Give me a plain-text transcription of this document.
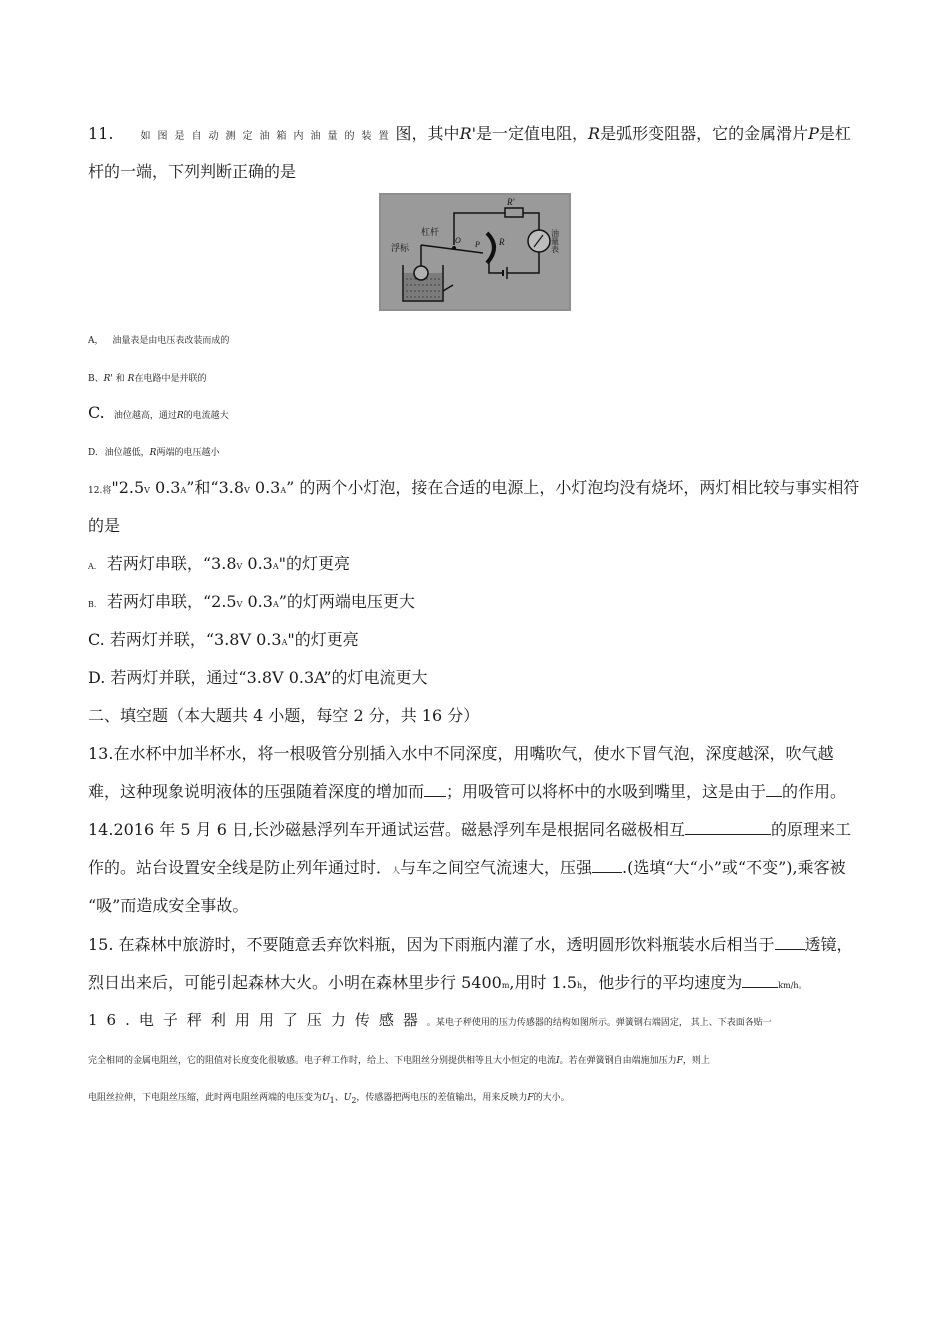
11.	如图是自动测定油箱内油量的装置图，其中R'是一定值电阻，R是弧形变阻器，它的金属滑片P是杠
杆的一端，下列判断正确的是
R'
油量表
R
O P
杠杆
浮标
A， 油量表是由电压表改装而成的
B、R' 和 R在电路中是并联的
C. 油位越高，通过R的电流越大
D. 油位越低，R两端的电压越小
12.将"2.5V 0.3A”和“3.8V 0.3A” 的两个小灯泡，接在合适的电源上，小灯泡均没有烧坏，两灯相比较与事实相符
的是
A． 若两灯串联，“3.8V 0.3A"的灯更亮
B． 若两灯串联，“2.5V 0.3A”的灯两端电压更大
C. 若两灯并联，“3.8V 0.3A"的灯更亮
D. 若两灯并联，通过“3.8V 0.3A”的灯电流更大
二、填空题（本大题共 4 小题，每空 2 分，共 16 分）
13.在水杯中加半杯水，将一根吸管分别插入水中不同深度，用嘴吹气，使水下冒气泡，深度越深，吹气越
难，这种现象说明液体的压强随着深度的增加而 ；用吸管可以将杯中的水吸到嘴里，这是由于 的作用。
14.2016 年 5 月 6 日,长沙磁悬浮列车开通试运营。磁悬浮列车是根据同名磁极相互	的原理来工
作的。站台设置安全线是防止列年通过时．人与车之间空气流速大，压强 .(选填“大“小”或“不变”),乘客被
“吸”而造成安全事故。
15. 在森林中旅游时，不要随意丢弃饮料瓶，因为下雨瓶内灌了水，透明圆形饮料瓶装水后相当于 透镜，
烈日出来后，可能引起森林大火。小明在森林里步行 5400m,用时 1.5h，他步行的平均速度为	km/h。
16.电子秤利用用了压力传感器。某电子秤使用的压力传感器的结构如图所示。弹簧钢右端固定， 其上、下表面各贴一
完全相同的金属电阻丝，它的阻值对长度变化很敏感。电子秤工作时，给上、下电阻丝分别提供相等且大小恒定的电流I。若在弹簧钢自由端施加压力F，则上
电阻丝拉伸，下电阻丝压缩，此时两电阻丝两端的电压变为$U_1$、$U_2$，传感器把两电压的差值输出，用来反映力F的大小。
